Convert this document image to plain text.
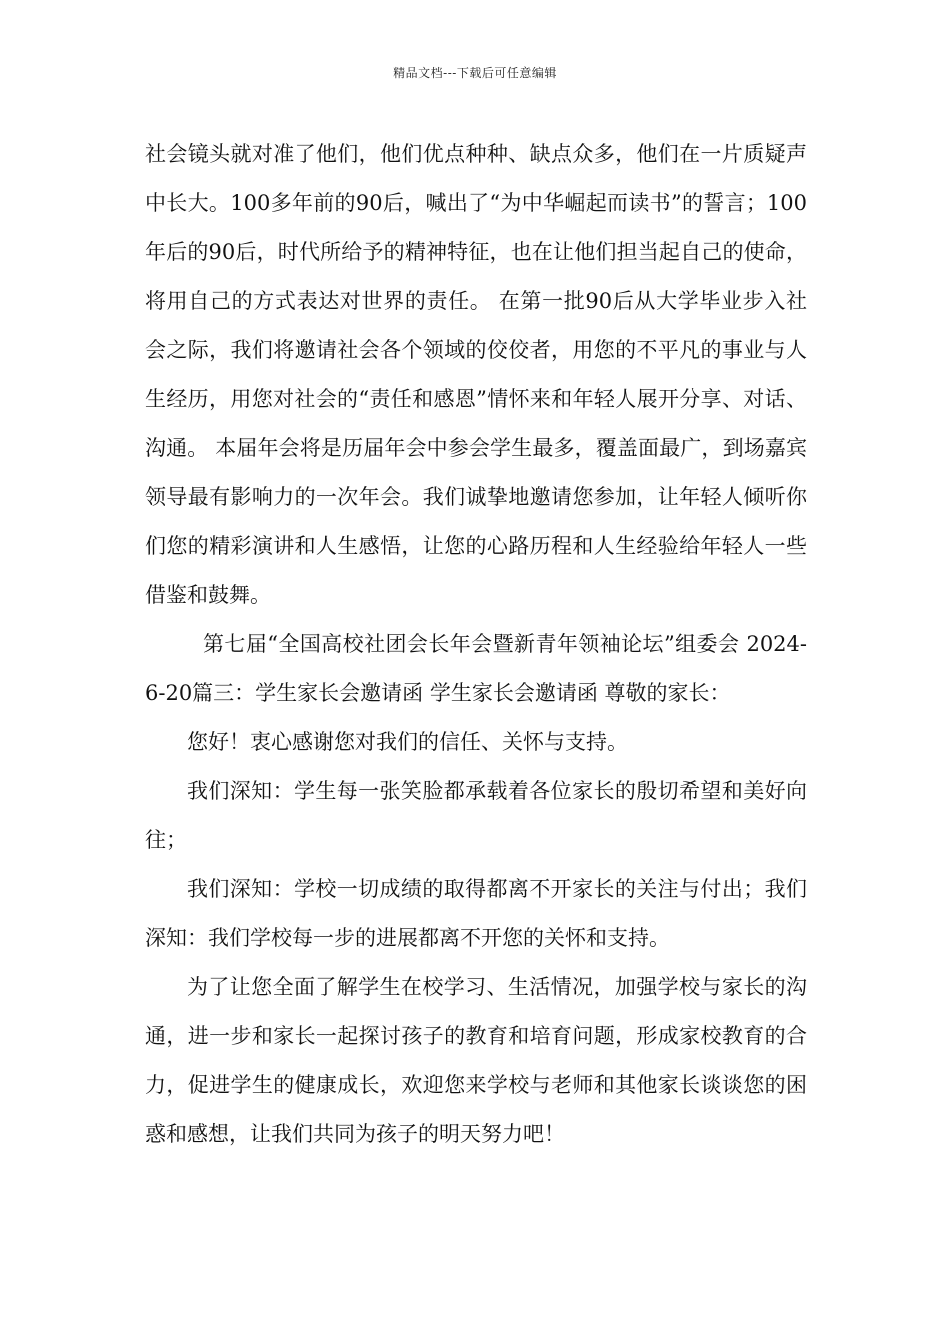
精品文档---下载后可任意编辑

社会镜头就对准了他们，他们优点种种、缺点众多，他们在一片质疑声中长大。100多年前的90后，喊出了“为中华崛起而读书”的誓言；100年后的90后，时代所给予的精神特征，也在让他们担当起自己的使命，将用自己的方式表达对世界的责任。 在第一批90后从大学毕业步入社会之际，我们将邀请社会各个领域的佼佼者，用您的不平凡的事业与人生经历，用您对社会的“责任和感恩”情怀来和年轻人展开分享、对话、沟通。 本届年会将是历届年会中参会学生最多，覆盖面最广，到场嘉宾领导最有影响力的一次年会。我们诚挚地邀请您参加，让年轻人倾听你们您的精彩演讲和人生感悟，让您的心路历程和人生经验给年轻人一些借鉴和鼓舞。

第七届“全国高校社团会长年会暨新青年领袖论坛”组委会 2024-6-20篇三：学生家长会邀请函 学生家长会邀请函 尊敬的家长：

您好！衷心感谢您对我们的信任、关怀与支持。

我们深知：学生每一张笑脸都承载着各位家长的殷切希望和美好向往；

我们深知：学校一切成绩的取得都离不开家长的关注与付出；我们深知：我们学校每一步的进展都离不开您的关怀和支持。

为了让您全面了解学生在校学习、生活情况，加强学校与家长的沟通，进一步和家长一起探讨孩子的教育和培育问题，形成家校教育的合力，促进学生的健康成长，欢迎您来学校与老师和其他家长谈谈您的困惑和感想，让我们共同为孩子的明天努力吧！
